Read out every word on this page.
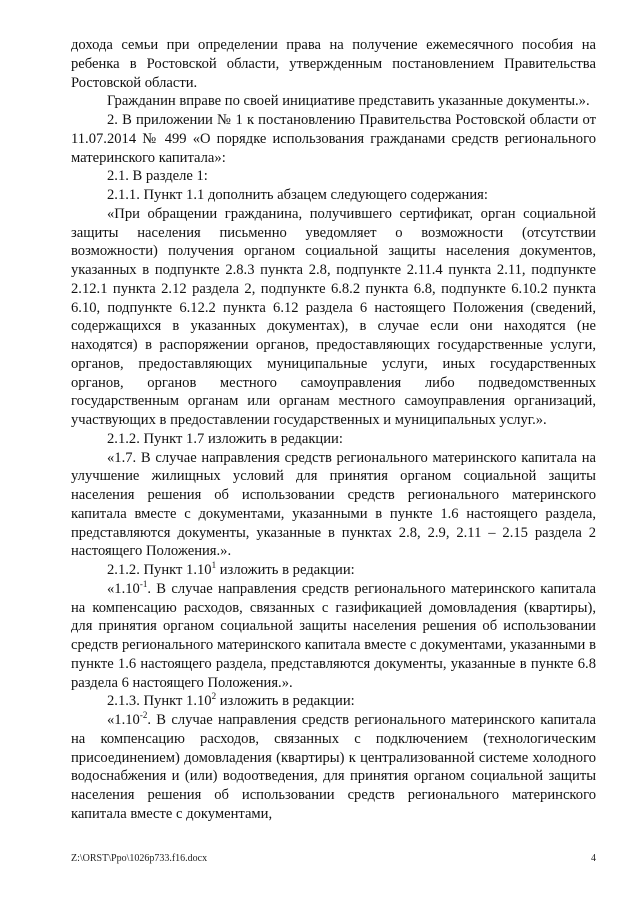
дохода семьи при определении права на получение ежемесячного пособия на ребенка в Ростовской области, утвержденным постановлением Правительства Ростовской области.

Гражданин вправе по своей инициативе представить указанные документы.».

2. В приложении № 1 к постановлению Правительства Ростовской области от 11.07.2014 № 499 «О порядке использования гражданами средств регионального материнского капитала»:

2.1. В разделе 1:

2.1.1. Пункт 1.1 дополнить абзацем следующего содержания:

«При обращении гражданина, получившего сертификат, орган социальной защиты населения письменно уведомляет о возможности (отсутствии возможности) получения органом социальной защиты населения документов, указанных в подпункте 2.8.3 пункта 2.8, подпункте 2.11.4 пункта 2.11, подпункте 2.12.1 пункта 2.12 раздела 2, подпункте 6.8.2 пункта 6.8, подпункте 6.10.2 пункта 6.10, подпункте 6.12.2 пункта 6.12 раздела 6 настоящего Положения (сведений, содержащихся в указанных документах), в случае если они находятся (не находятся) в распоряжении органов, предоставляющих государственные услуги, органов, предоставляющих муниципальные услуги, иных государственных органов, органов местного самоуправления либо подведомственных государственным органам или органам местного самоуправления организаций, участвующих в предоставлении государственных и муниципальных услуг.».

2.1.2. Пункт 1.7 изложить в редакции:

«1.7. В случае направления средств регионального материнского капитала на улучшение жилищных условий для принятия органом социальной защиты населения решения об использовании средств регионального материнского капитала вместе с документами, указанными в пункте 1.6 настоящего раздела, представляются документы, указанные в пунктах 2.8, 2.9, 2.11 – 2.15 раздела 2 настоящего Положения.».

2.1.2. Пункт 1.10$^1$ изложить в редакции:

«$1.10^{-1}$. В случае направления средств регионального материнского капитала на компенсацию расходов, связанных с газификацией домовладения (квартиры), для принятия органом социальной защиты населения решения об использовании средств регионального материнского капитала вместе с документами, указанными в пункте 1.6 настоящего раздела, представляются документы, указанные в пункте 6.8 раздела 6 настоящего Положения.».

2.1.3. Пункт 1.10$^2$ изложить в редакции:

«$1.10^{-2}$. В случае направления средств регионального материнского капитала на компенсацию расходов, связанных с подключением (технологическим присоединением) домовладения (квартиры) к централизованной системе холодного водоснабжения и (или) водоотведения, для принятия органом социальной защиты населения решения об использовании средств регионального материнского капитала вместе с документами,

Z:\ORST\Ppo\1026p733.f16.docx	4
